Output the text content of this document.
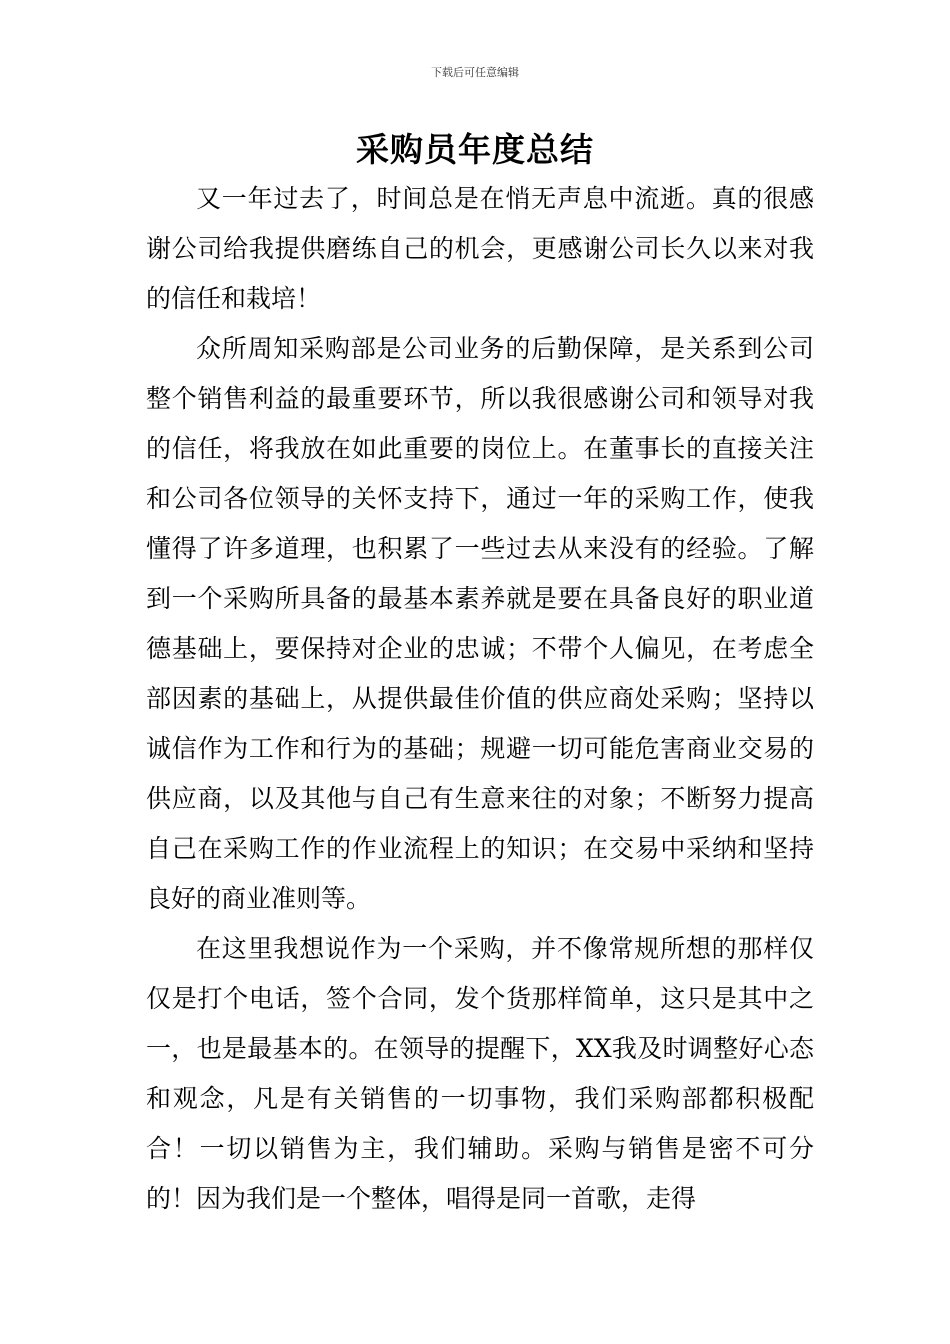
下载后可任意编辑
采购员年度总结

又一年过去了，时间总是在悄无声息中流逝。真的很感谢公司给我提供磨练自己的机会，更感谢公司长久以来对我的信任和栽培！

众所周知采购部是公司业务的后勤保障，是关系到公司整个销售利益的最重要环节，所以我很感谢公司和领导对我的信任，将我放在如此重要的岗位上。在董事长的直接关注和公司各位领导的关怀支持下，通过一年的采购工作，使我懂得了许多道理，也积累了一些过去从来没有的经验。了解到一个采购所具备的最基本素养就是要在具备良好的职业道德基础上，要保持对企业的忠诚；不带个人偏见，在考虑全部因素的基础上，从提供最佳价值的供应商处采购；坚持以诚信作为工作和行为的基础；规避一切可能危害商业交易的供应商，以及其他与自己有生意来往的对象；不断努力提高自己在采购工作的作业流程上的知识；在交易中采纳和坚持良好的商业准则等。

在这里我想说作为一个采购，并不像常规所想的那样仅仅是打个电话，签个合同，发个货那样简单，这只是其中之一，也是最基本的。在领导的提醒下，XX我及时调整好心态和观念，凡是有关销售的一切事物，我们采购部都积极配合！一切以销售为主，我们辅助。采购与销售是密不可分的！因为我们是一个整体，唱得是同一首歌，走得
